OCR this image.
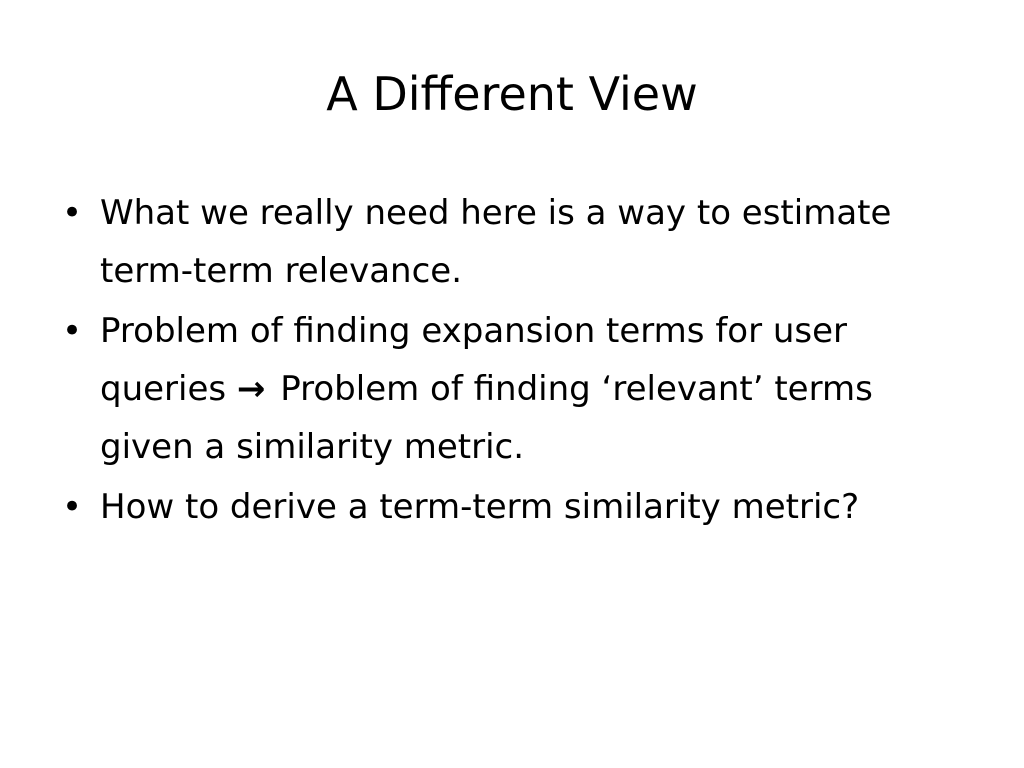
A Different View
• What we really need here is a way to estimate term-term relevance.
• Problem of finding expansion terms for user queries → Problem of finding ‘relevant’ terms given a similarity metric.
• How to derive a term-term similarity metric?
